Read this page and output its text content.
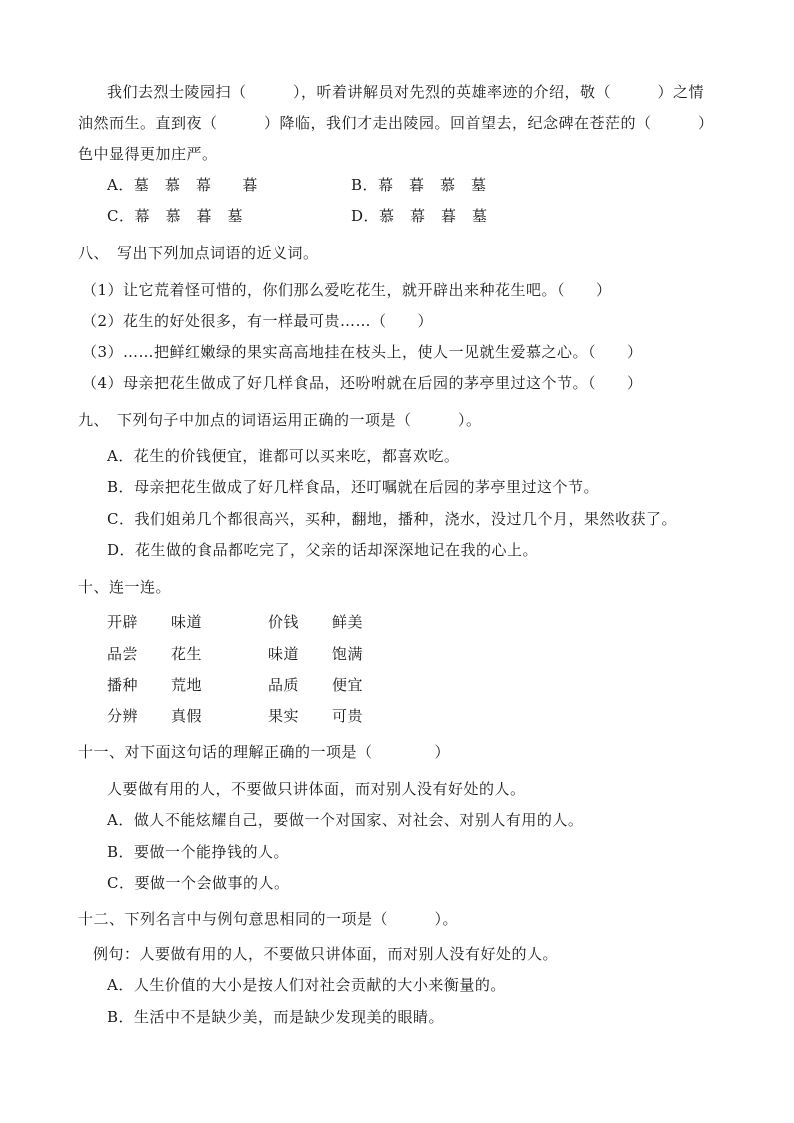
我们去烈士陵园扫（　　　），听着讲解员对先烈的英雄率迹的介绍，敬（　　　）之情
油然而生。直到夜（　　　）降临，我们才走出陵园。回首望去，纪念碑在苍茫的（　　　）
色中显得更加庄严。
A．墓　慕　幕　　暮	B．幕　暮　慕　墓
C．幕　慕　暮　墓	D．慕　幕　暮　墓
八、　写出下列加点词语的近义词。
（1）让它荒着怪可惜的，你们那么爱吃花生，就开辟出来种花生吧。（　　）
（2）花生的好处很多，有一样最可贵……（　　）
（3）……把鲜红嫩绿的果实高高地挂在枝头上，使人一见就生爱慕之心。（　　）
（4）母亲把花生做成了好几样食品，还吩咐就在后园的茅亭里过这个节。（　　）
九、　下列句子中加点的词语运用正确的一项是（　　　）。
A．花生的价钱便宜，谁都可以买来吃，都喜欢吃。
B．母亲把花生做成了好几样食品，还叮嘱就在后园的茅亭里过这个节。
C．我们姐弟几个都很高兴，买种，翻地，播种，浇水，没过几个月，果然收获了。
D．花生做的食品都吃完了，父亲的话却深深地记在我的心上。
十、连一连。
开辟 味道	价钱 鲜美
品尝 花生	味道 饱满
播种 荒地	品质 便宜
分辨 真假	果实 可贵
十一、对下面这句话的理解正确的一项是（　　　　）
人要做有用的人，不要做只讲体面，而对别人没有好处的人。
A．做人不能炫耀自己，要做一个对国家、对社会、对别人有用的人。
B．要做一个能挣钱的人。
C．要做一个会做事的人。
十二、下列名言中与例句意思相同的一项是（　　　）。
例句：人要做有用的人，不要做只讲体面，而对别人没有好处的人。
A．人生价值的大小是按人们对社会贡献的大小来衡量的。
B．生活中不是缺少美，而是缺少发现美的眼睛。
